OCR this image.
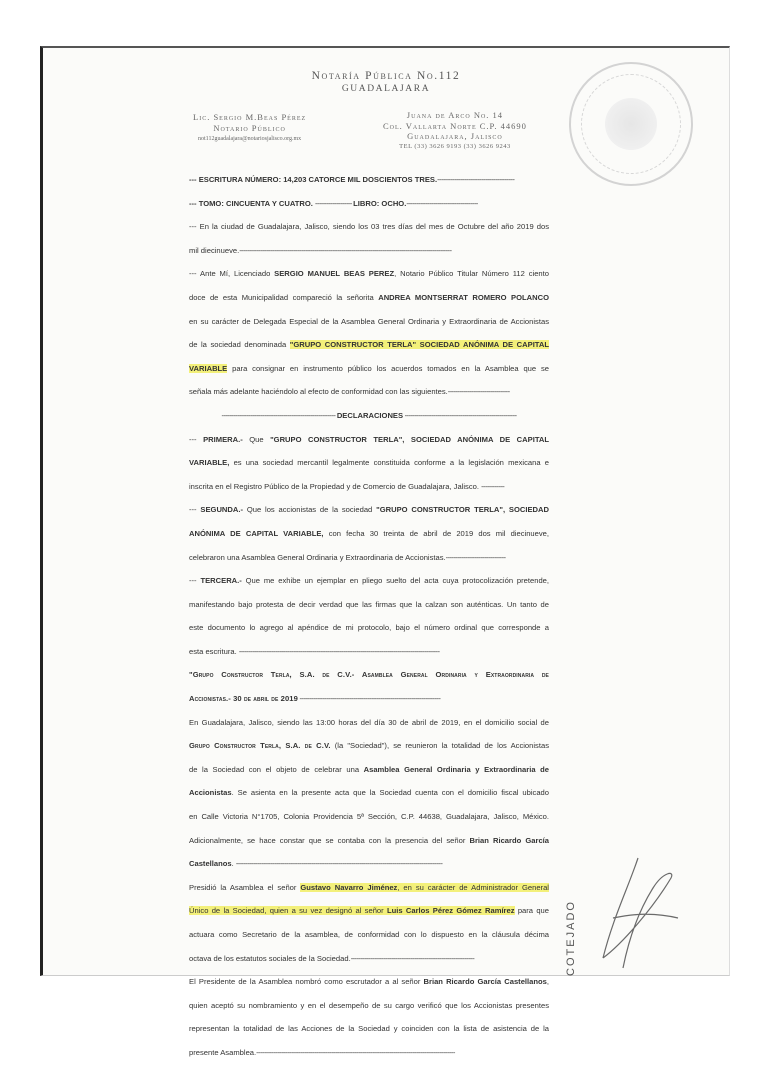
Notaría Pública No.112
GUADALAJARA
Lic. Sergio M.Beas Pérez
Notario Público
not112guadalajara@notariosjalisco.org.mx
Juana de Arco No. 14
Col. Vallarta Norte C.P. 44690
Guadalajara, Jalisco
TEL (33) 3626 9193 (33) 3626 9243
--- ESCRITURA NÚMERO: 14,203 CATORCE MIL DOSCIENTOS TRES.----------------------------------------
--- TOMO: CINCUENTA Y CUATRO. ------------------- LIBRO: OCHO.-------------------------------------
--- En la ciudad de Guadalajara, Jalisco, siendo los 03 tres días del mes de Octubre del año 2019 dos
mil diecinueve.--------------------------------------------------------------------------------------------------------------
--- Ante Mí, Licenciado SERGIO MANUEL BEAS PEREZ, Notario Público Titular Número 112 ciento
doce de esta Municipalidad compareció la señorita ANDREA MONTSERRAT ROMERO POLANCO
en su carácter de Delegada Especial de la Asamblea General Ordinaria y Extraordinaria de Accionistas
de la sociedad denominada "GRUPO CONSTRUCTOR TERLA" SOCIEDAD ANÓNIMA DE CAPITAL
VARIABLE para consignar en instrumento público los acuerdos tomados en la Asamblea que se
señala más adelante haciéndolo al efecto de conformidad con las siguientes.--------------------------------
----------------------------------------------------------- DECLARACIONES ----------------------------------------------------------
--- PRIMERA.- Que "GRUPO CONSTRUCTOR TERLA", SOCIEDAD ANÓNIMA DE CAPITAL
VARIABLE, es una sociedad mercantil legalmente constituida conforme a la legislación mexicana e
inscrita en el Registro Público de la Propiedad y de Comercio de Guadalajara, Jalisco. ------------
--- SEGUNDA.- Que los accionistas de la sociedad "GRUPO CONSTRUCTOR TERLA", SOCIEDAD
ANÓNIMA DE CAPITAL VARIABLE, con fecha 30 treinta de abril de 2019 dos mil diecinueve,
celebraron una Asamblea General Ordinaria y Extraordinaria de Accionistas.-------------------------------
--- TERCERA.- Que me exhibe un ejemplar en pliego suelto del acta cuya protocolización pretende,
manifestando bajo protesta de decir verdad que las firmas que la calzan son auténticas. Un tanto de
este documento lo agrego al apéndice de mi protocolo, bajo el número ordinal que corresponde a
esta escritura. --------------------------------------------------------------------------------------------------------
"Grupo Constructor Terla, S.A. de C.V.- Asamblea General Ordinaria y Extraordinaria de
Accionistas.- 30 de abril de 2019 -------------------------------------------------------------------------
En Guadalajara, Jalisco, siendo las 13:00 horas del día 30 de abril de 2019, en el domicilio social de
Grupo Constructor Terla, S.A. de C.V. (la "Sociedad"), se reunieron la totalidad de los Accionistas
de la Sociedad con el objeto de celebrar una Asamblea General Ordinaria y Extraordinaria de
Accionistas. Se asienta en la presente acta que la Sociedad cuenta con el domicilio fiscal ubicado
en Calle Victoria N°1705, Colonia Providencia 5ª Sección, C.P. 44638, Guadalajara, Jalisco, México.
Adicionalmente, se hace constar que se contaba con la presencia del señor Brian Ricardo García
Castellanos. -----------------------------------------------------------------------------------------------------------
Presidió la Asamblea el señor Gustavo Navarro Jiménez, en su carácter de Administrador General
Único de la Sociedad, quien a su vez designó al señor Luis Carlos Pérez Gómez Ramírez para que
actuara como Secretario de la asamblea, de conformidad con lo dispuesto en la cláusula décima
octava de los estatutos sociales de la Sociedad.----------------------------------------------------------------
El Presidente de la Asamblea nombró como escrutador a al señor Brian Ricardo García Castellanos,
quien aceptó su nombramiento y en el desempeño de su cargo verificó que los Accionistas presentes
representan la totalidad de las Acciones de la Sociedad y coinciden con la lista de asistencia de la
presente Asamblea.-------------------------------------------------------------------------------------------------------
COTEJADO
